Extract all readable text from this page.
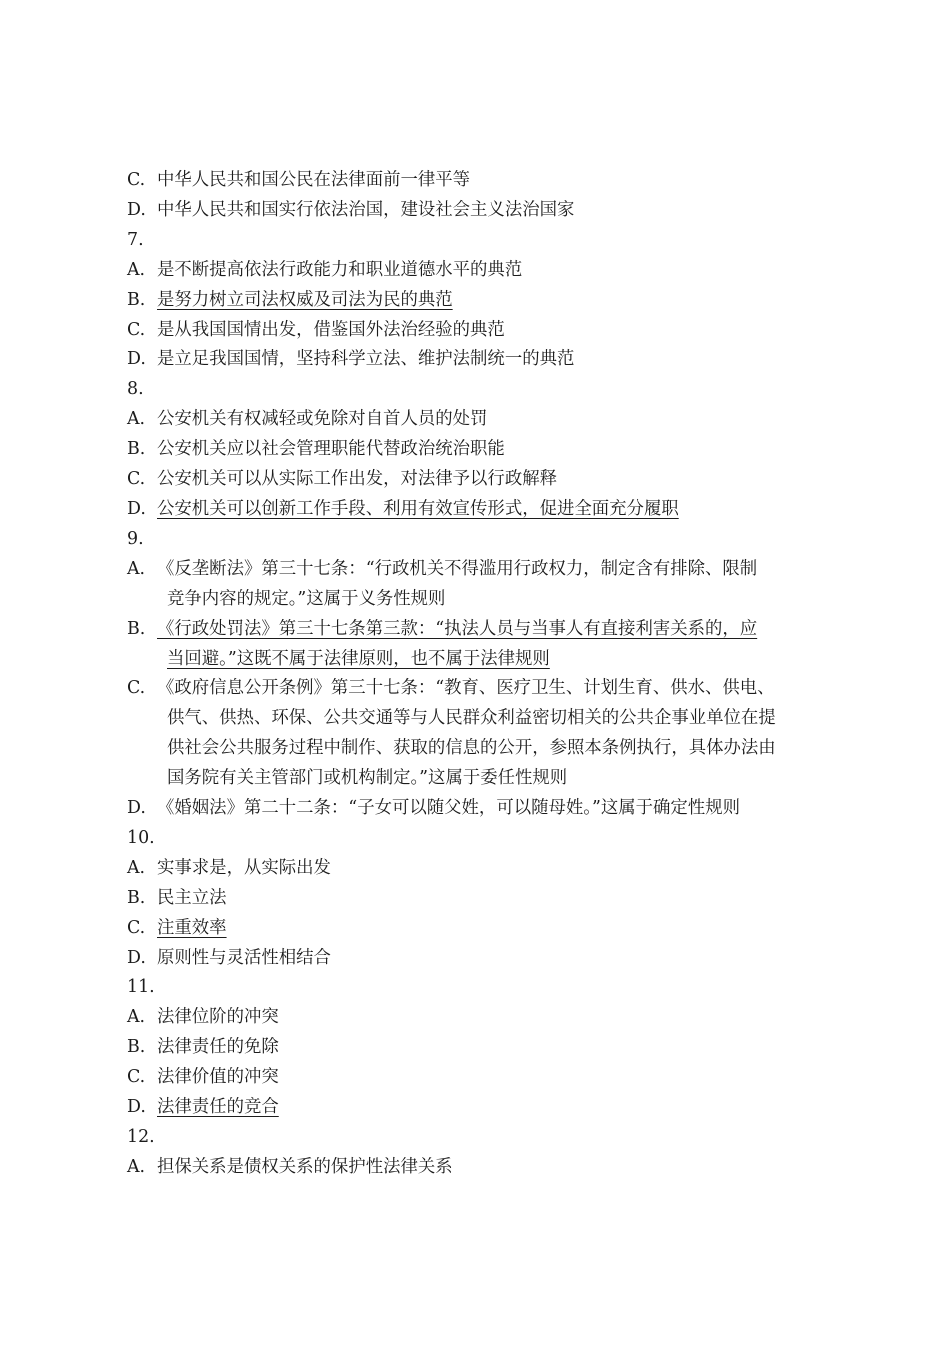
C. 中华人民共和国公民在法律面前一律平等
D. 中华人民共和国实行依法治国，建设社会主义法治国家
7.
A. 是不断提高依法行政能力和职业道德水平的典范
B. 是努力树立司法权威及司法为民的典范
C. 是从我国国情出发，借鉴国外法治经验的典范
D. 是立足我国国情，坚持科学立法、维护法制统一的典范
8.
A. 公安机关有权减轻或免除对自首人员的处罚
B. 公安机关应以社会管理职能代替政治统治职能
C. 公安机关可以从实际工作出发，对法律予以行政解释
D. 公安机关可以创新工作手段、利用有效宣传形式，促进全面充分履职
9.
A. 《反垄断法》第三十七条：“行政机关不得滥用行政权力，制定含有排除、限制
竞争内容的规定。”这属于义务性规则
B. 《行政处罚法》第三十七条第三款：“执法人员与当事人有直接利害关系的，应
当回避。”这既不属于法律原则，也不属于法律规则
C. 《政府信息公开条例》第三十七条：“教育、医疗卫生、计划生育、供水、供电、
供气、供热、环保、公共交通等与人民群众利益密切相关的公共企事业单位在提
供社会公共服务过程中制作、获取的信息的公开，参照本条例执行，具体办法由
国务院有关主管部门或机构制定。”这属于委任性规则
D. 《婚姻法》第二十二条：“子女可以随父姓，可以随母姓。”这属于确定性规则
10.
A. 实事求是，从实际出发
B. 民主立法
C. 注重效率
D. 原则性与灵活性相结合
11.
A. 法律位阶的冲突
B. 法律责任的免除
C. 法律价值的冲突
D. 法律责任的竞合
12.
A. 担保关系是债权关系的保护性法律关系
